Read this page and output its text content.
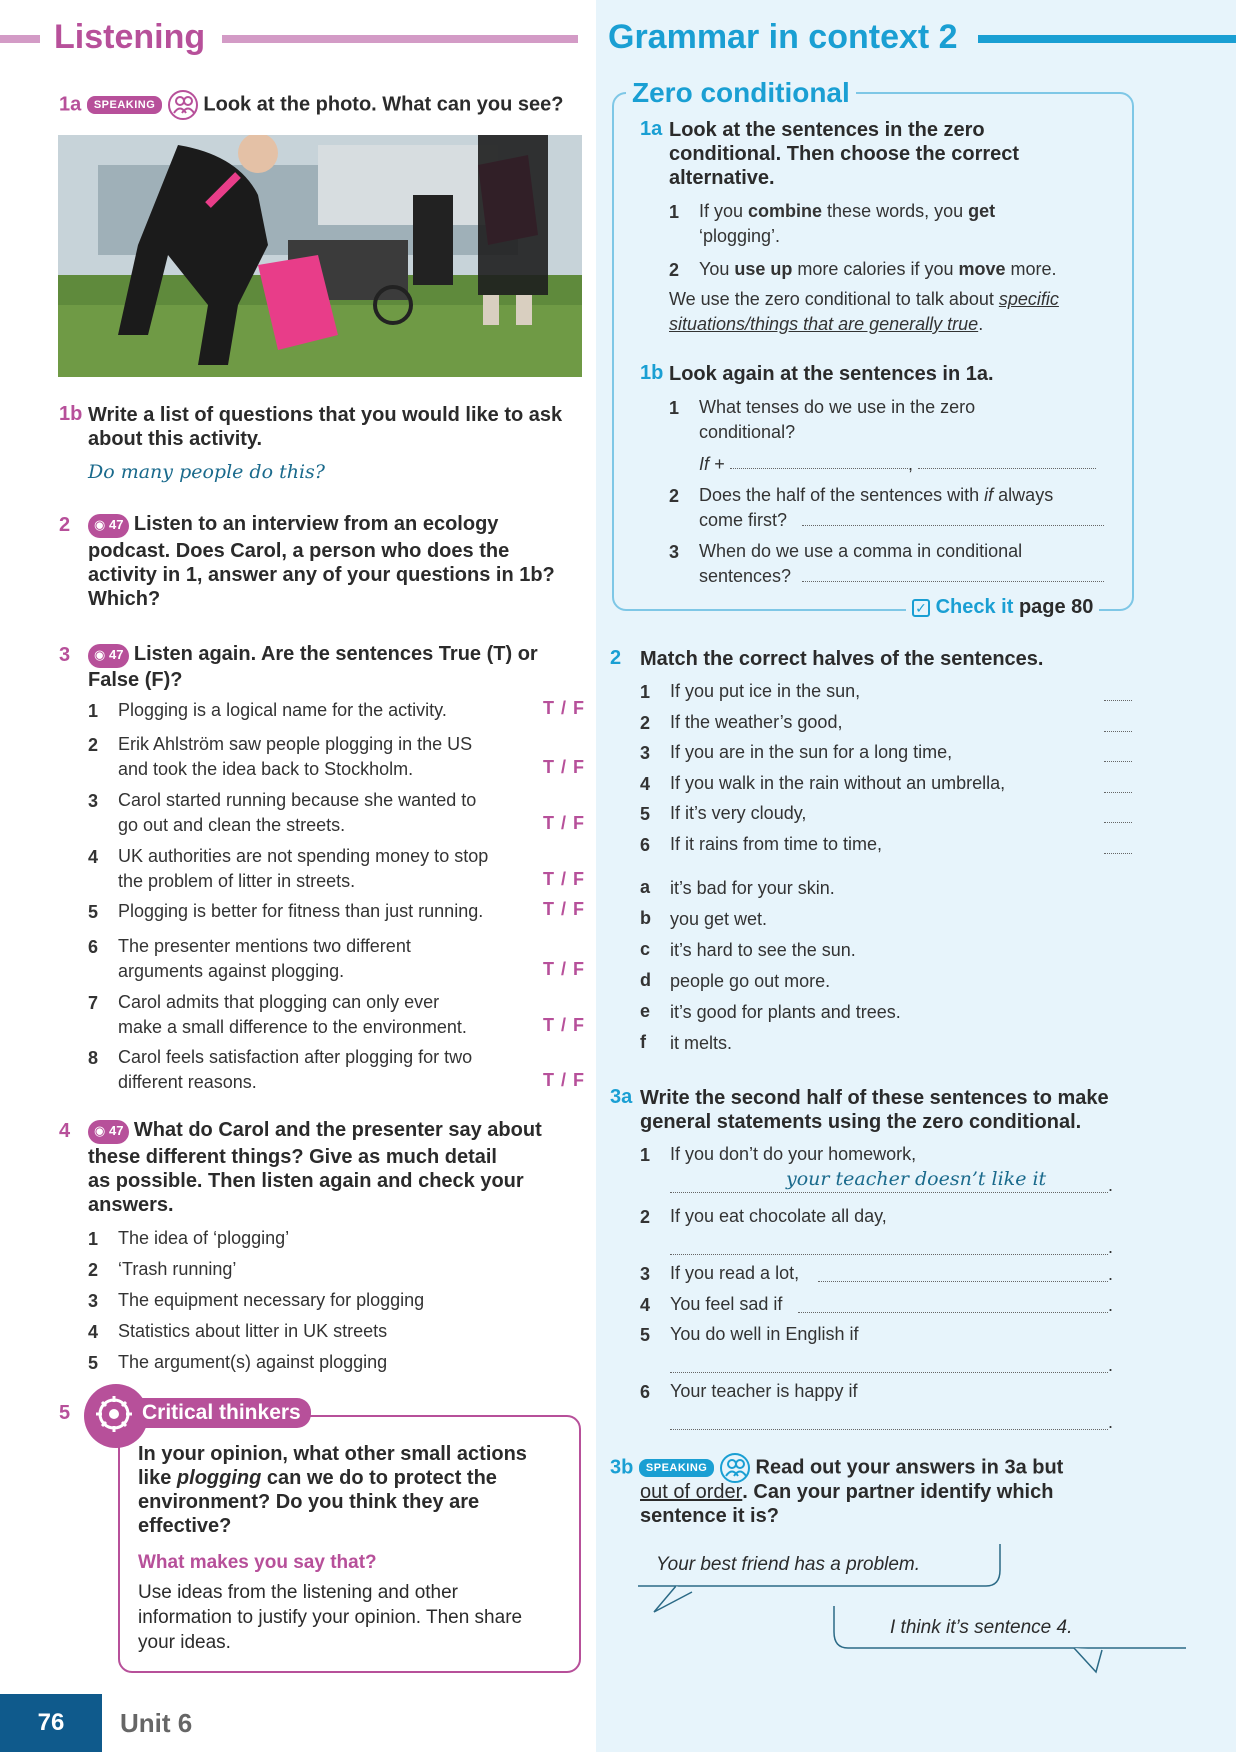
Listening
1a SPEAKING Look at the photo. What can you see?
1b Write a list of questions that you would like to ask
about this activity.
Do many people do this?
2	◉ 47 Listen to an interview from an ecology
podcast. Does Carol, a person who does the
activity in 1, answer any of your questions in 1b?
Which?
3	◉ 47 Listen again. Are the sentences True (T) or
False (F)?
1 Plogging is a logical name for the activity.	T / F
2 Erik Ahlström saw people plogging in the US
and took the idea back to Stockholm.	T / F
3 Carol started running because she wanted to
go out and clean the streets.	T / F
4 UK authorities are not spending money to stop
the problem of litter in streets.	T / F
5 Plogging is better for fitness than just running.	T / F
6 The presenter mentions two different
arguments against plogging.	T / F
7 Carol admits that plogging can only ever
make a small difference to the environment.	T / F
8 Carol feels satisfaction after plogging for two
different reasons.	T / F
4	◉ 47 What do Carol and the presenter say about
these different things? Give as much detail
as possible. Then listen again and check your
answers.
1 The idea of ‘plogging’
2 ‘Trash running’
3 The equipment necessary for plogging
4 Statistics about litter in UK streets
5 The argument(s) against plogging
5	Critical thinkers
In your opinion, what other small actions
like plogging can we do to protect the
environment? Do you think they are
effective?
What makes you say that?
Use ideas from the listening and other
information to justify your opinion. Then share
your ideas.
76	Unit 6
Grammar in context 2
Zero conditional
1a Look at the sentences in the zero
conditional. Then choose the correct
alternative.
1 If you combine these words, you get
‘plogging’.
2 You use up more calories if you move more.
We use the zero conditional to talk about specific
situations/things that are generally true.
1b Look again at the sentences in 1a.
1 What tenses do we use in the zero
conditional?
If +	,
2 Does the half of the sentences with if always
come first?
3 When do we use a comma in conditional
sentences?
✓ Check it page 80
2 Match the correct halves of the sentences.
1 If you put ice in the sun,
2 If the weather’s good,
3 If you are in the sun for a long time,
4 If you walk in the rain without an umbrella,
5 If it’s very cloudy,
6 If it rains from time to time,
a it’s bad for your skin.
b you get wet.
c it’s hard to see the sun.
d people go out more.
e it’s good for plants and trees.
f it melts.
3a Write the second half of these sentences to make
general statements using the zero conditional.
1 If you don’t do your homework,
.
your teacher doesn’t like it
2 If you eat chocolate all day,
.
3 If you read a lot,	.
4 You feel sad if	.
5 You do well in English if
.
6 Your teacher is happy if
.
3b SPEAKING Read out your answers in 3a but
out of order. Can your partner identify which
sentence it is?
Your best friend has a problem.
I think it’s sentence 4.
